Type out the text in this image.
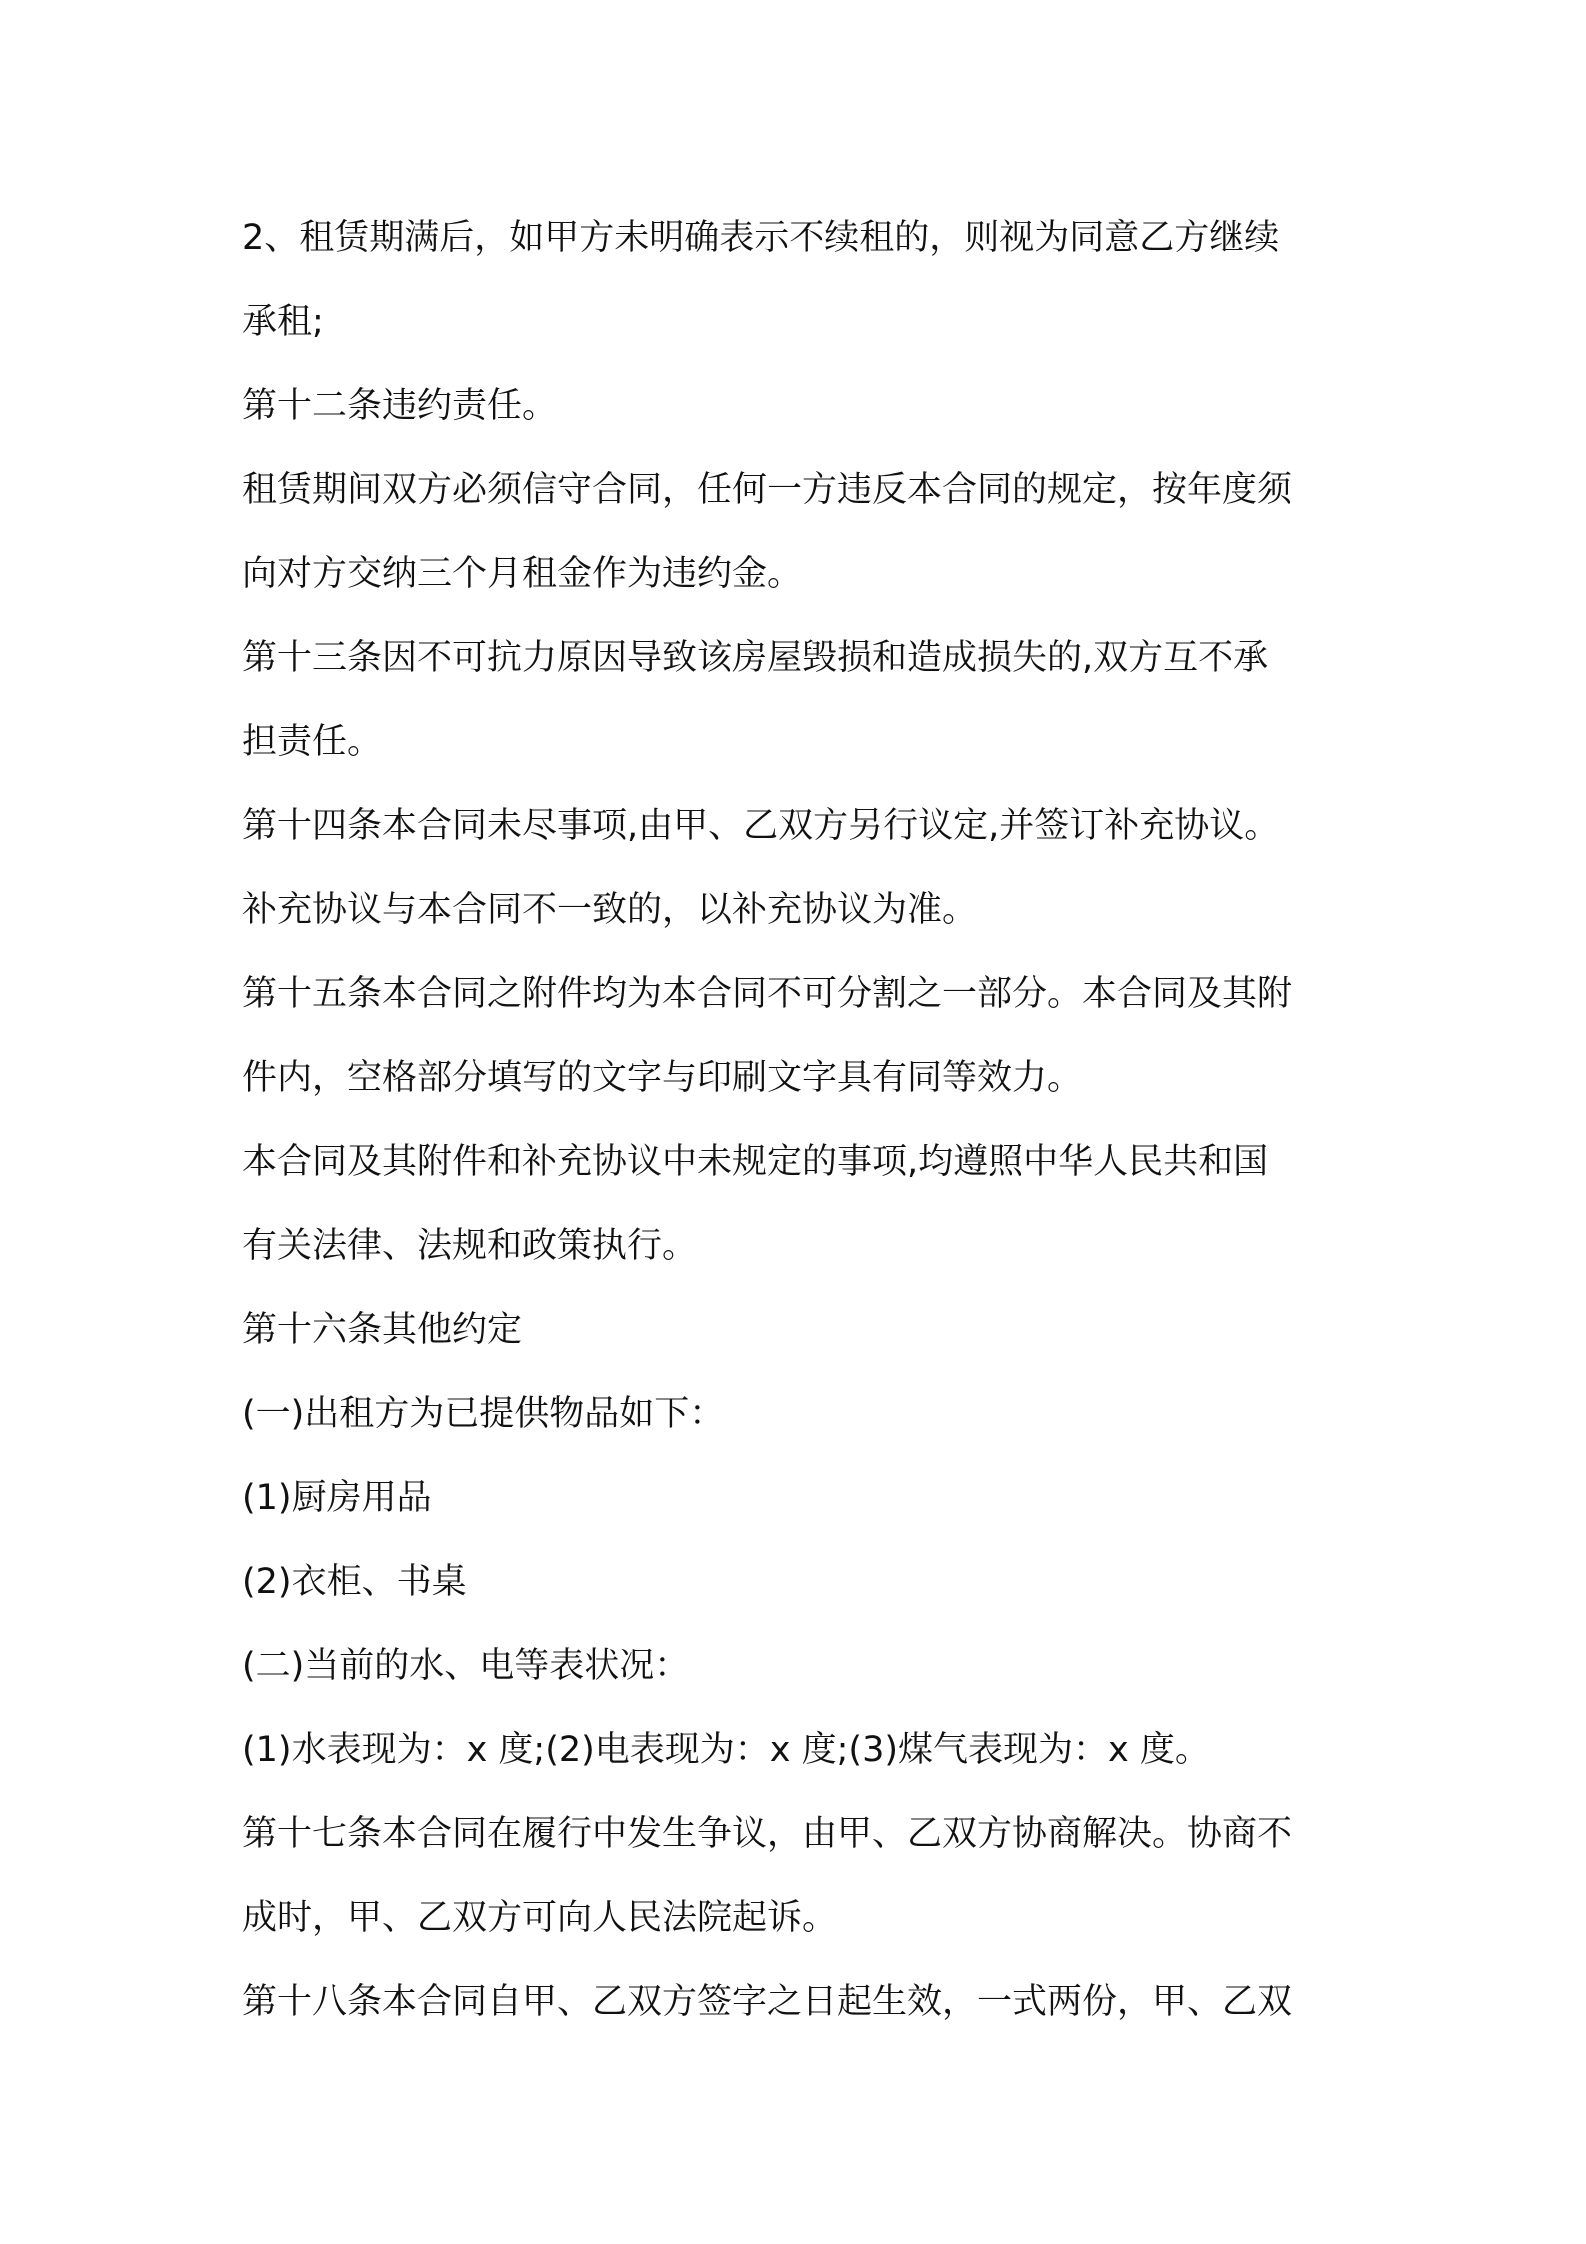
2、租赁期满后，如甲方未明确表示不续租的，则视为同意乙方继续
承租;
第十二条违约责任。
租赁期间双方必须信守合同，任何一方违反本合同的规定，按年度须
向对方交纳三个月租金作为违约金。
第十三条因不可抗力原因导致该房屋毁损和造成损失的,双方互不承
担责任。
第十四条本合同未尽事项,由甲、乙双方另行议定,并签订补充协议。
补充协议与本合同不一致的，以补充协议为准。
第十五条本合同之附件均为本合同不可分割之一部分。本合同及其附
件内，空格部分填写的文字与印刷文字具有同等效力。
本合同及其附件和补充协议中未规定的事项,均遵照中华人民共和国
有关法律、法规和政策执行。
第十六条其他约定
(一)出租方为已提供物品如下：
(1)厨房用品
(2)衣柜、书桌
(二)当前的水、电等表状况：
(1)水表现为：x 度;(2)电表现为：x 度;(3)煤气表现为：x 度。
第十七条本合同在履行中发生争议，由甲、乙双方协商解决。协商不
成时，甲、乙双方可向人民法院起诉。
第十八条本合同自甲、乙双方签字之日起生效，一式两份，甲、乙双
